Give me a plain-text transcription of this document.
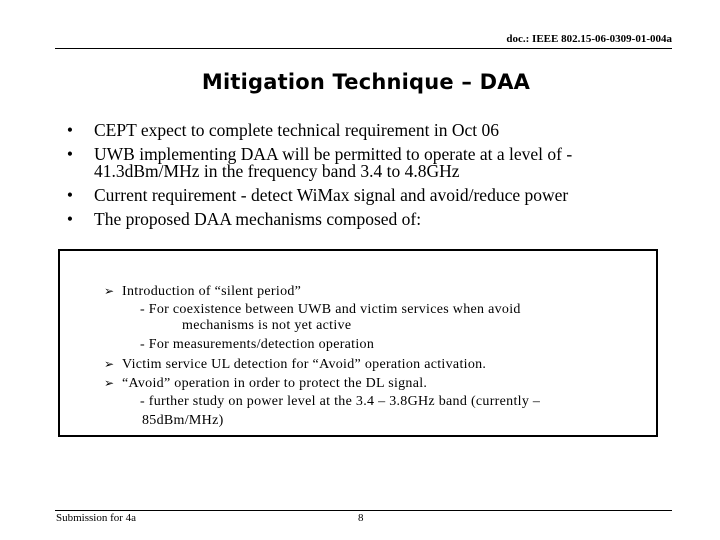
doc.: IEEE 802.15-06-0309-01-004a
Mitigation Technique – DAA
•	CEPT expect to complete technical requirement in Oct 06
•	UWB implementing DAA will be permitted to operate at a level of -
41.3dBm/MHz in the frequency band 3.4 to 4.8GHz
•	Current requirement - detect WiMax signal and avoid/reduce power
•	The proposed DAA mechanisms composed of:
➢ Introduction of “silent period”
- For coexistence between UWB and victim services when avoid
mechanisms is not yet active
- For measurements/detection operation
➢ Victim service UL detection for “Avoid” operation activation.
➢ “Avoid” operation in order to protect the DL signal.
- further study on power level at the 3.4 – 3.8GHz band (currently –
85dBm/MHz)
Submission for 4a	8
